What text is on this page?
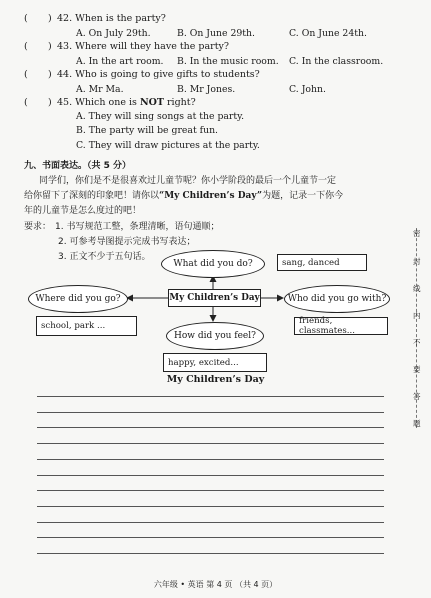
( ) 42. When is the party?
A. On July 29th.	B. On June 29th.	C. On June 24th.
( ) 43. Where will they have the party?
A. In the art room. B. In the music room. C. In the classroom.
( ) 44. Who is going to give gifts to students?
A. Mr Ma.	B. Mr Jones.	C. John.
( ) 45. Which one is NOT right?
A. They will sing songs at the party.
B. The party will be great fun.
C. They will draw pictures at the party.
九、书面表达。（共 5 分）
同学们，你们是不是很喜欢过儿童节呢？你小学阶段的最后一个儿童节一定
给你留下了深刻的印象吧！请你以“My Children’s Day”为题，记录一下你今
年的儿童节是怎么度过的吧！
要求： 1. 书写规范工整，条理清晰，语句通顺；
2. 可参考导图提示完成书写表达；
3. 正文不少于五句话。
What did you do?	sang, danced
Where did you go?
school, park ...
My Children’s Day	Who did you go with?
friends, classmates...
How did you feel?
happy, excited...
My Children’s Day
六年级 • 英语 第 4 页 （共 4 页）
密
封
线
内
不
要
答
题
